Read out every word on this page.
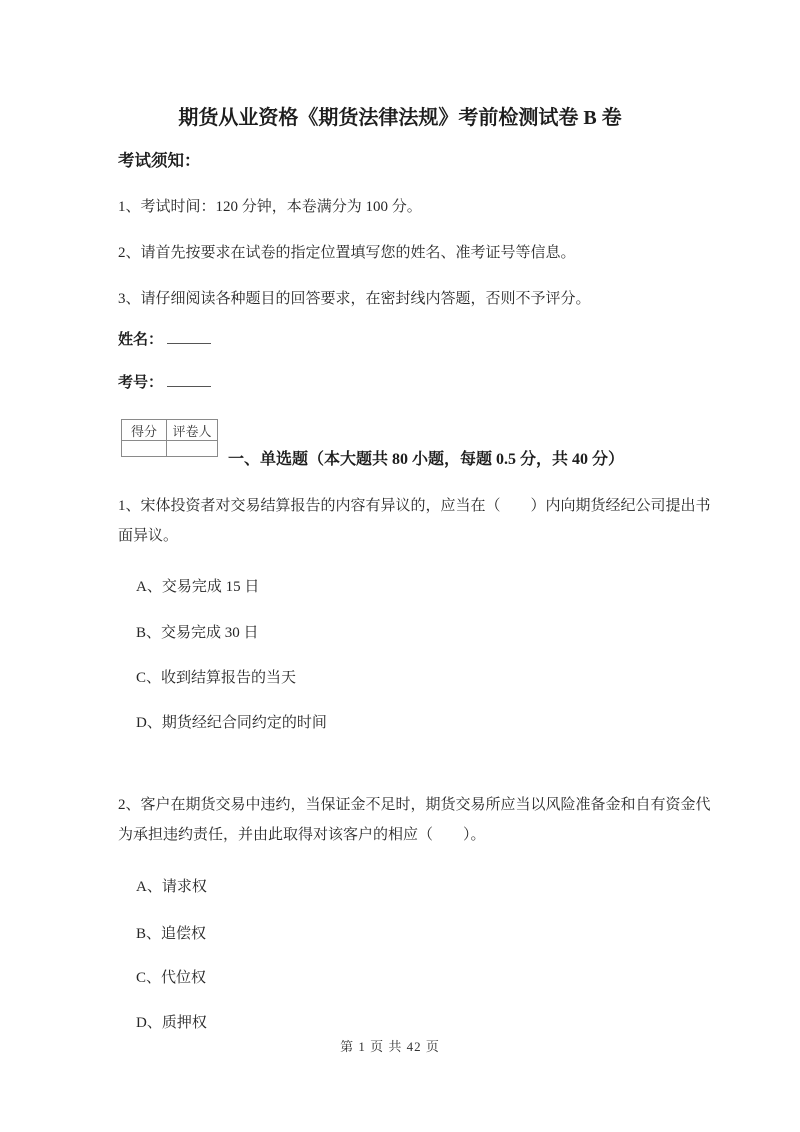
期货从业资格《期货法律法规》考前检测试卷 B 卷
考试须知：
1、考试时间：120 分钟，本卷满分为 100 分。
2、请首先按要求在试卷的指定位置填写您的姓名、准考证号等信息。
3、请仔细阅读各种题目的回答要求，在密封线内答题，否则不予评分。
姓名：
考号：
得分	评卷人

一、单选题（本大题共 80 小题，每题 0.5 分，共 40 分）
1、宋体投资者对交易结算报告的内容有异议的，应当在（　　）内向期货经纪公司提出书
面异议。
A、交易完成 15 日
B、交易完成 30 日
C、收到结算报告的当天
D、期货经纪合同约定的时间
2、客户在期货交易中违约，当保证金不足时，期货交易所应当以风险准备金和自有资金代
为承担违约责任，并由此取得对该客户的相应（　　）。
A、请求权
B、追偿权
C、代位权
D、质押权
第 1 页 共 42 页
